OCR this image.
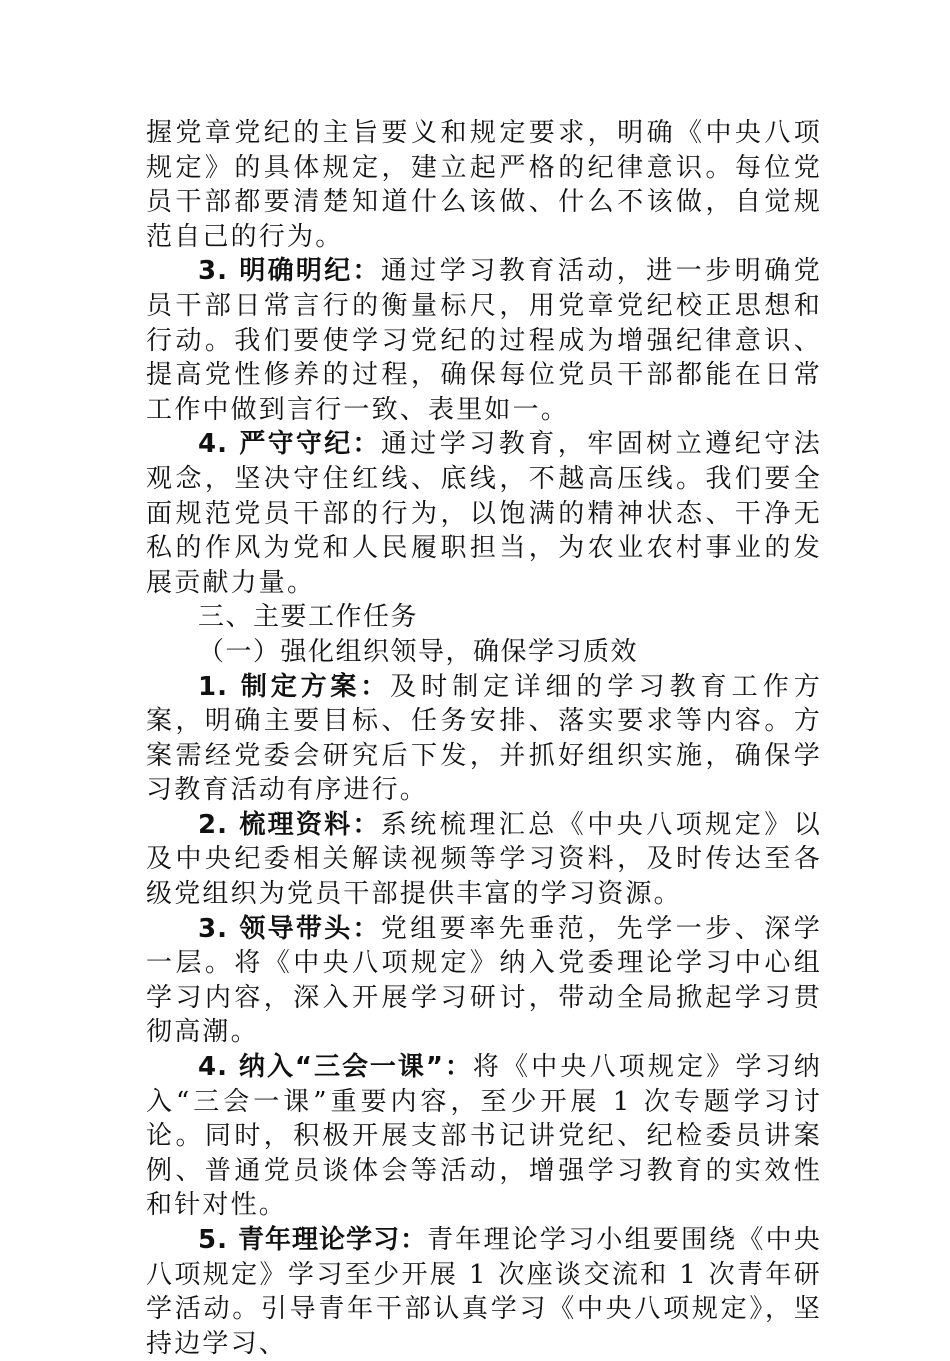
握党章党纪的主旨要义和规定要求，明确《中央八项规定》的具体规定，建立起严格的纪律意识。每位党员干部都要清楚知道什么该做、什么不该做，自觉规范自己的行为。

3. 明确明纪：通过学习教育活动，进一步明确党员干部日常言行的衡量标尺，用党章党纪校正思想和行动。我们要使学习党纪的过程成为增强纪律意识、提高党性修养的过程，确保每位党员干部都能在日常工作中做到言行一致、表里如一。

4. 严守守纪：通过学习教育，牢固树立遵纪守法观念，坚决守住红线、底线，不越高压线。我们要全面规范党员干部的行为，以饱满的精神状态、干净无私的作风为党和人民履职担当，为农业农村事业的发展贡献力量。

三、主要工作任务

（一）强化组织领导，确保学习质效

1. 制定方案：及时制定详细的学习教育工作方案，明确主要目标、任务安排、落实要求等内容。方案需经党委会研究后下发，并抓好组织实施，确保学习教育活动有序进行。

2. 梳理资料：系统梳理汇总《中央八项规定》以及中央纪委相关解读视频等学习资料，及时传达至各级党组织为党员干部提供丰富的学习资源。

3. 领导带头：党组要率先垂范，先学一步、深学一层。将《中央八项规定》纳入党委理论学习中心组学习内容，深入开展学习研讨，带动全局掀起学习贯彻高潮。

4. 纳入“三会一课”：将《中央八项规定》学习纳入“三会一课”重要内容，至少开展 1 次专题学习讨论。同时，积极开展支部书记讲党纪、纪检委员讲案例、普通党员谈体会等活动，增强学习教育的实效性和针对性。

5. 青年理论学习：青年理论学习小组要围绕《中央八项规定》学习至少开展 1 次座谈交流和 1 次青年研学活动。引导青年干部认真学习《中央八项规定》，坚持边学习、
